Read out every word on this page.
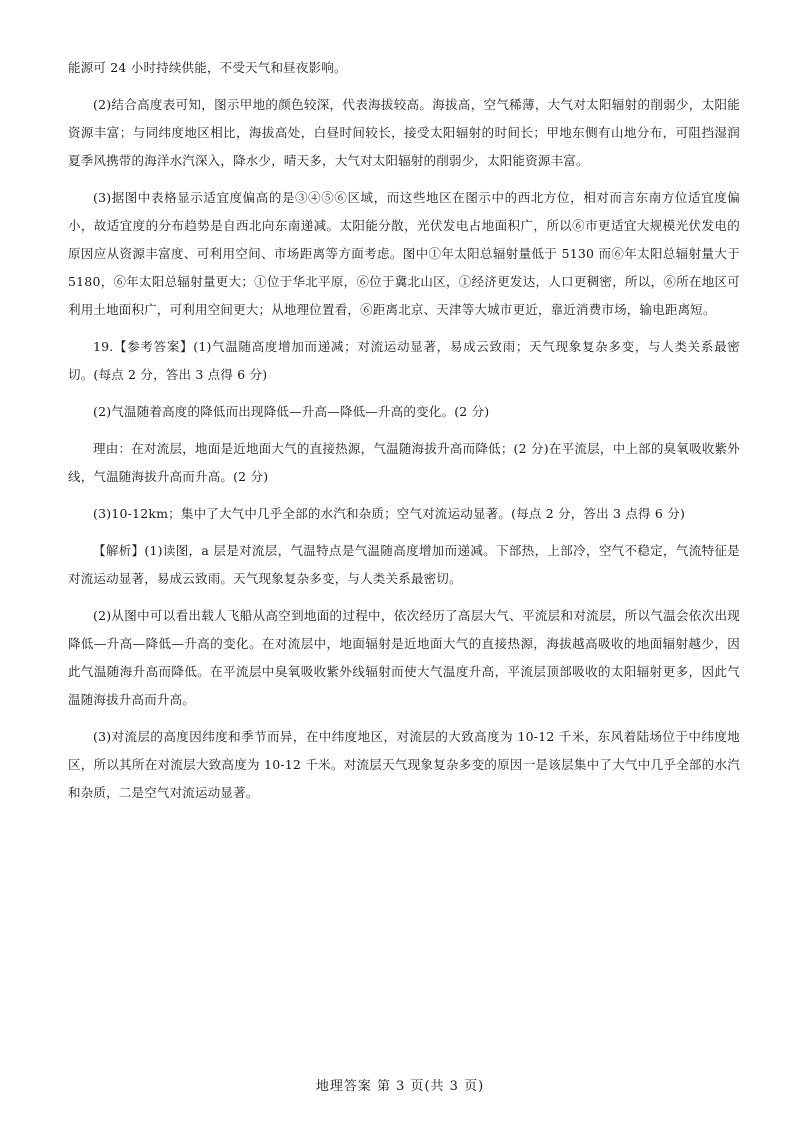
能源可 24 小时持续供能，不受天气和昼夜影响。

(2)结合高度表可知，图示甲地的颜色较深，代表海拔较高。海拔高，空气稀薄，大气对太阳辐射的削弱少，太阳能资源丰富；与同纬度地区相比，海拔高处，白昼时间较长，接受太阳辐射的时间长；甲地东侧有山地分布，可阻挡湿润夏季风携带的海洋水汽深入，降水少，晴天多，大气对太阳辐射的削弱少，太阳能资源丰富。

(3)据图中表格显示适宜度偏高的是③④⑤⑥区域，而这些地区在图示中的西北方位，相对而言东南方位适宜度偏小，故适宜度的分布趋势是自西北向东南递减。太阳能分散，光伏发电占地面积广，所以⑥市更适宜大规模光伏发电的原因应从资源丰富度、可利用空间、市场距离等方面考虑。图中①年太阳总辐射量低于 5130 而⑥年太阳总辐射量大于 5180，⑥年太阳总辐射量更大；①位于华北平原，⑥位于冀北山区，①经济更发达，人口更稠密，所以，⑥所在地区可利用土地面积广，可利用空间更大；从地理位置看，⑥距离北京、天津等大城市更近，靠近消费市场，输电距离短。

19.【参考答案】(1)气温随高度增加而递减；对流运动显著，易成云致雨；天气现象复杂多变，与人类关系最密切。(每点 2 分，答出 3 点得 6 分)

(2)气温随着高度的降低而出现降低—升高—降低—升高的变化。(2 分)

理由：在对流层，地面是近地面大气的直接热源，气温随海拔升高而降低；(2 分)在平流层，中上部的臭氧吸收紫外线，气温随海拔升高而升高。(2 分)

(3)10-12km；集中了大气中几乎全部的水汽和杂质；空气对流运动显著。(每点 2 分，答出 3 点得 6 分)

【解析】(1)读图，a 层是对流层，气温特点是气温随高度增加而递减。下部热，上部冷，空气不稳定，气流特征是对流运动显著，易成云致雨。天气现象复杂多变，与人类关系最密切。

(2)从图中可以看出载人飞船从高空到地面的过程中，依次经历了高层大气、平流层和对流层，所以气温会依次出现降低—升高—降低—升高的变化。在对流层中，地面辐射是近地面大气的直接热源，海拔越高吸收的地面辐射越少，因此气温随海升高而降低。在平流层中臭氧吸收紫外线辐射而使大气温度升高，平流层顶部吸收的太阳辐射更多，因此气温随海拔升高而升高。

(3)对流层的高度因纬度和季节而异，在中纬度地区，对流层的大致高度为 10-12 千米，东风着陆场位于中纬度地区，所以其所在对流层大致高度为 10-12 千米。对流层天气现象复杂多变的原因一是该层集中了大气中几乎全部的水汽和杂质，二是空气对流运动显著。

地理答案 第 3 页(共 3 页)
